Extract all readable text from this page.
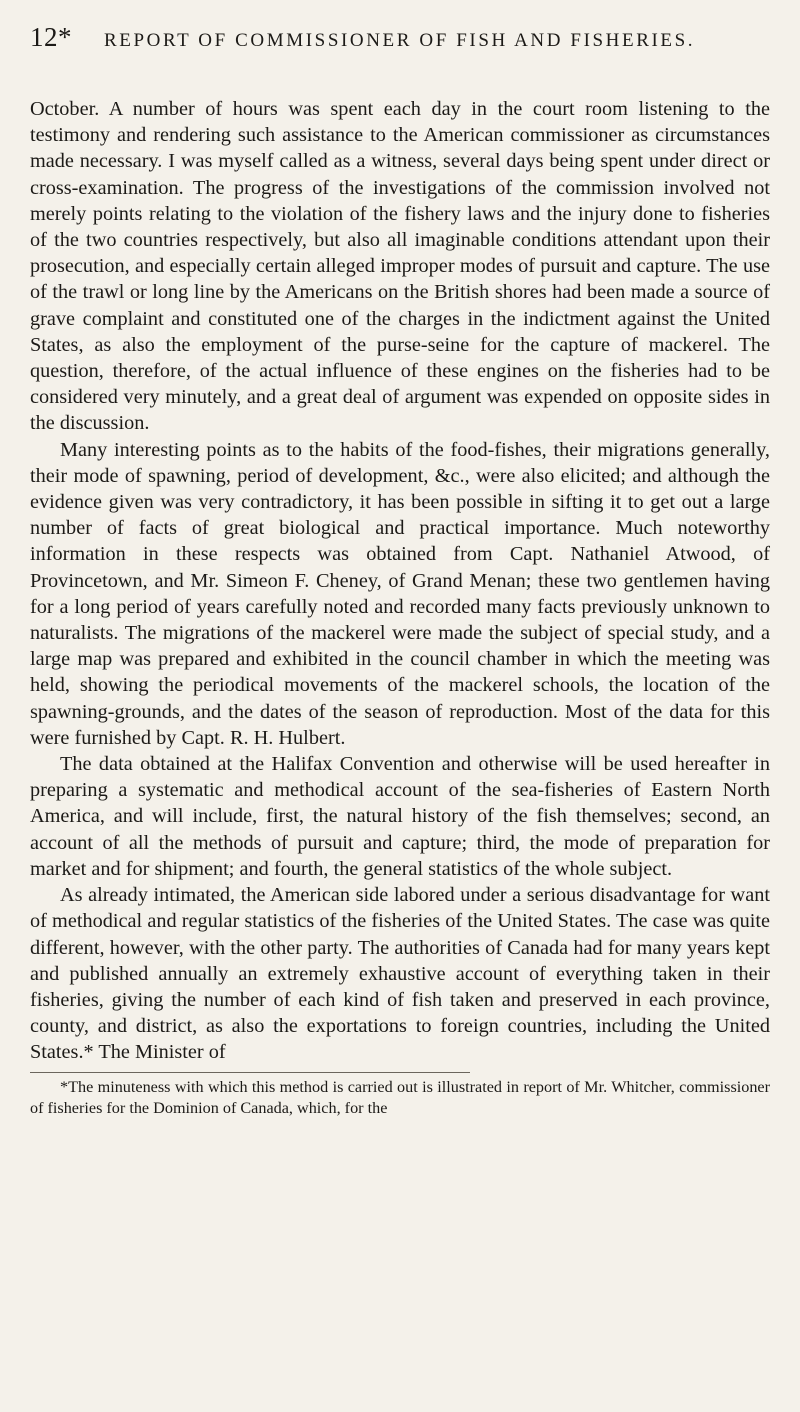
12*	REPORT OF COMMISSIONER OF FISH AND FISHERIES.

October. A number of hours was spent each day in the court room listening to the testimony and rendering such assistance to the American commissioner as circumstances made necessary. I was myself called as a witness, several days being spent under direct or cross-examination. The progress of the investigations of the commission involved not merely points relating to the violation of the fishery laws and the injury done to fisheries of the two countries respectively, but also all imaginable conditions attendant upon their prosecution, and especially certain alleged improper modes of pursuit and capture. The use of the trawl or long line by the Americans on the British shores had been made a source of grave complaint and constituted one of the charges in the indictment against the United States, as also the employment of the purse-seine for the capture of mackerel. The question, therefore, of the actual influence of these engines on the fisheries had to be considered very minutely, and a great deal of argument was expended on opposite sides in the discussion.

Many interesting points as to the habits of the food-fishes, their migrations generally, their mode of spawning, period of development, &c., were also elicited; and although the evidence given was very contradictory, it has been possible in sifting it to get out a large number of facts of great biological and practical importance. Much noteworthy information in these respects was obtained from Capt. Nathaniel Atwood, of Provincetown, and Mr. Simeon F. Cheney, of Grand Menan; these two gentlemen having for a long period of years carefully noted and recorded many facts previously unknown to naturalists. The migrations of the mackerel were made the subject of special study, and a large map was prepared and exhibited in the council chamber in which the meeting was held, showing the periodical movements of the mackerel schools, the location of the spawning-grounds, and the dates of the season of reproduction. Most of the data for this were furnished by Capt. R. H. Hulbert.

The data obtained at the Halifax Convention and otherwise will be used hereafter in preparing a systematic and methodical account of the sea-fisheries of Eastern North America, and will include, first, the natural history of the fish themselves; second, an account of all the methods of pursuit and capture; third, the mode of preparation for market and for shipment; and fourth, the general statistics of the whole subject.

As already intimated, the American side labored under a serious disadvantage for want of methodical and regular statistics of the fisheries of the United States. The case was quite different, however, with the other party. The authorities of Canada had for many years kept and published annually an extremely exhaustive account of everything taken in their fisheries, giving the number of each kind of fish taken and preserved in each province, county, and district, as also the exportations to foreign countries, including the United States.* The Minister of

*The minuteness with which this method is carried out is illustrated in report of Mr. Whitcher, commissioner of fisheries for the Dominion of Canada, which, for the
